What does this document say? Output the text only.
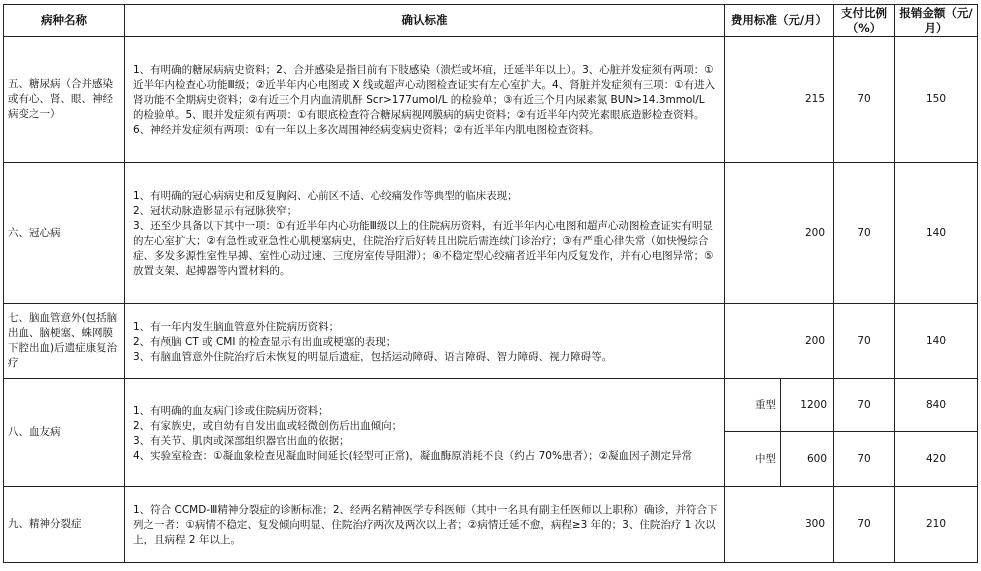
病种名称	确认标准	费用标准（元/月）		支付比例（%）	报销金额（元/月）
五、糖尿病（合并感染或有心、肾、眼、神经病变之一）	1、有明确的糖尿病病史资料；2、合并感染是指目前有下肢感染（溃烂或坏疽，迁延半年以上）。3、心脏并发症须有两项：①近半年内检查心功能Ⅲ级；②近半年内心电图或 X 线或超声心动图检查证实有左心室扩大。4、肾脏并发症须有三项：①有进入肾功能不全期病史资料；②有近三个月内血清肌酐 Scr>177umol/L 的检验单；③有近三个月内尿素氮 BUN>14.3mmol/L 的检验单。5、眼并发症须有两项：①有眼底检查符合糖尿病视网膜病的病史资料；②有近半年内荧光素眼底造影检查资料。
6、神经并发症须有两项：①有一年以上多次周围神经病变病史资料；②有近半年内肌电图检查资料。	215		70	150
六、冠心病	1、有明确的冠心病病史和反复胸闷、心前区不适、心绞痛发作等典型的临床表现；
2、冠状动脉造影显示有冠脉狭窄；
3、还至少具备以下其中一项：①有近半年内心功能Ⅲ级以上的住院病历资料，有近半年内心电图和超声心动图检查证实有明显的左心室扩大；②有急性或亚急性心肌梗塞病史，住院治疗后好转且出院后需连续门诊治疗；③有严重心律失常（如快慢综合症、多发多源性室性早搏、室性心动过速、三度房室传导阻滞）；④不稳定型心绞痛者近半年内反复发作，并有心电图异常；⑤放置支架、起搏器等内置材料的。	200		70	140
七、脑血管意外(包括脑出血、脑梗塞、蛛网膜下腔出血)后遗症康复治疗	1、有一年内发生脑血管意外住院病历资料；
2、有颅脑 CT 或 CMI 的检查显示有出血或梗塞的表现；
3、有脑血管意外住院治疗后未恢复的明显后遗症，包括运动障碍、语言障碍、智力障碍、视力障碍等。	200		70	140
八、血友病	1、有明确的血友病门诊或住院病历资料；
2、有家族史，或自幼有自发出血或轻微创伤后出血倾向；
3、有关节、肌肉或深部组织器官出血的依据；
4、实验室检查：①凝血象检查见凝血时间延长(轻型可正常)，凝血酶原消耗不良（约占 70%患者）；②凝血因子测定异常	重型	1200	70	840
		中型	600	70	420
九、精神分裂症	1、符合 CCMD-Ⅲ精神分裂症的诊断标准；2、经两名精神医学专科医师（其中一名具有副主任医师以上职称）确诊，并符合下列之一者：①病情不稳定、复发倾向明显、住院治疗两次及两次以上者；②病情迁延不愈，病程≥3 年的；3、住院治疗 1 次以上，且病程 2 年以上。	300		70	210
